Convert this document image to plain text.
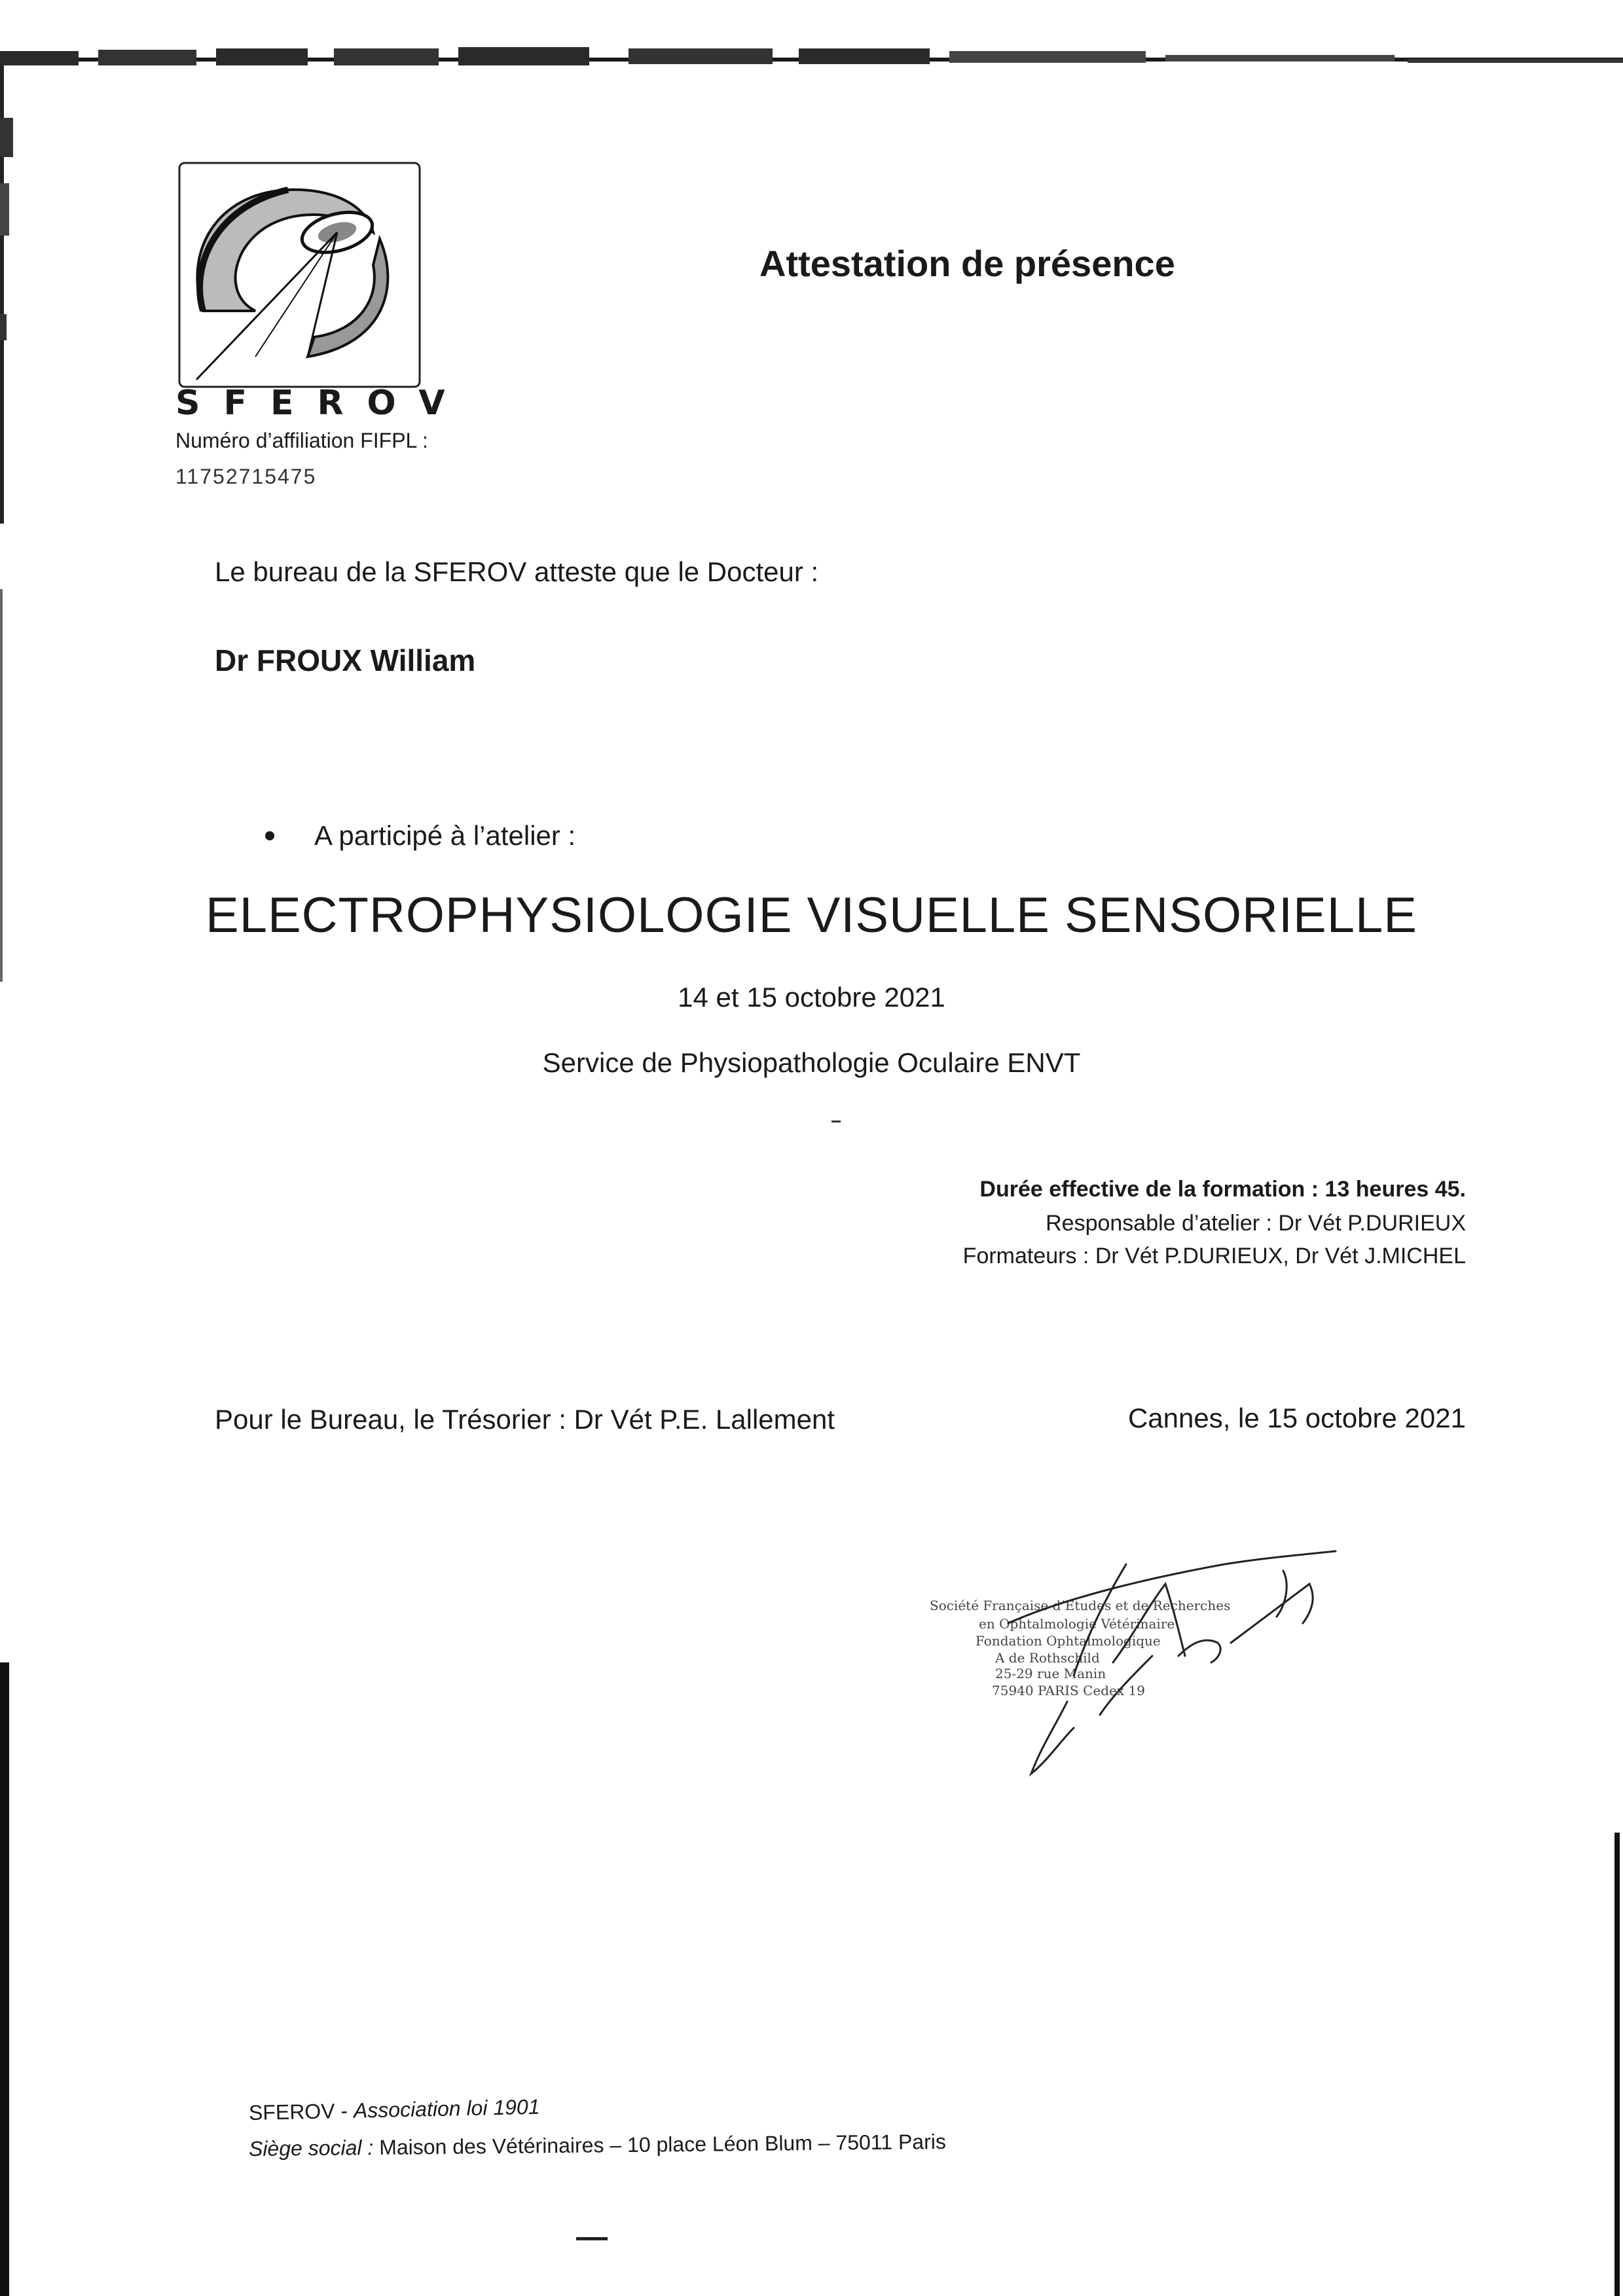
SFEROV
Numéro d’affiliation FIFPL :
11752715475
Attestation de présence
Le bureau de la SFEROV atteste que le Docteur :
Dr FROUX William
A participé à l’atelier :
ELECTROPHYSIOLOGIE VISUELLE SENSORIELLE
14 et 15 octobre 2021
Service de Physiopathologie Oculaire ENVT
Durée effective de la formation : 13 heures 45.
Responsable d’atelier : Dr Vét P.DURIEUX
Formateurs : Dr Vét P.DURIEUX, Dr Vét J.MICHEL
Pour le Bureau, le Trésorier : Dr Vét P.E. Lallement	Cannes, le 15 octobre 2021
Société Française d’Etudes et de Recherches
en Ophtalmologie Vétérinaire
Fondation Ophtalmologique
A de Rothschild
25-29 rue Manin
75940 PARIS Cedex 19
SFEROV - Association loi 1901
Siège social : Maison des Vétérinaires – 10 place Léon Blum – 75011 Paris
